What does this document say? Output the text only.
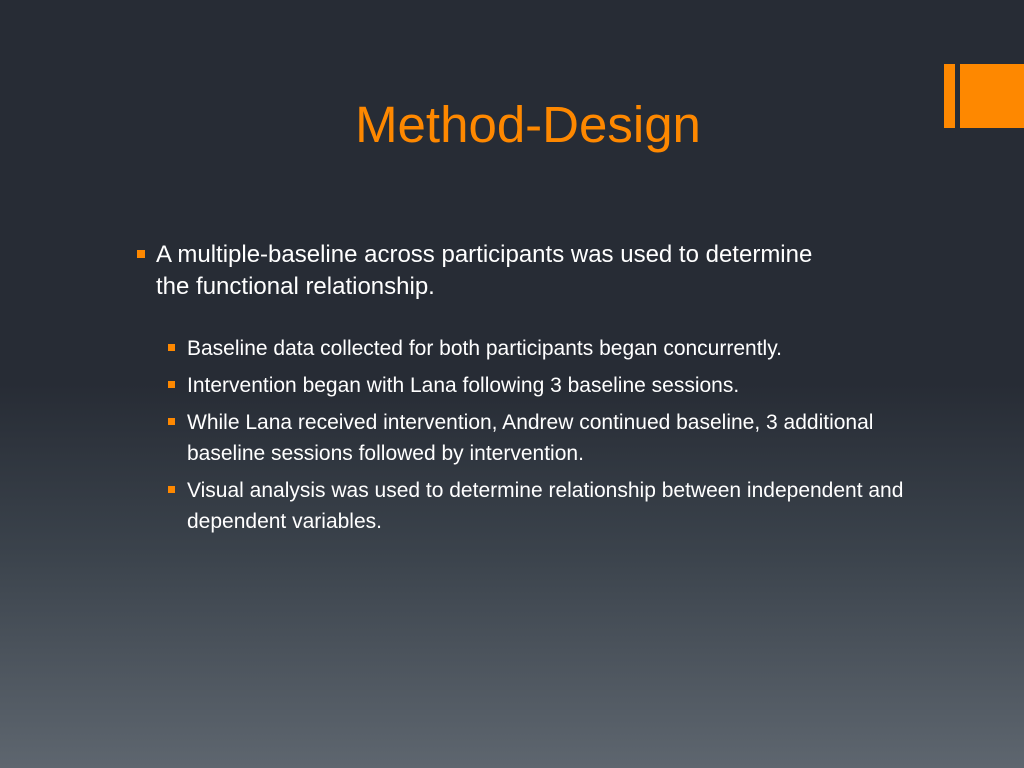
Method-Design
A multiple-baseline across participants was used to determine the functional relationship.
Baseline data collected for both participants began concurrently.
Intervention began with Lana following 3 baseline sessions.
While Lana received intervention, Andrew continued baseline, 3 additional baseline sessions followed by intervention.
Visual analysis was used to determine relationship between independent and dependent variables.
